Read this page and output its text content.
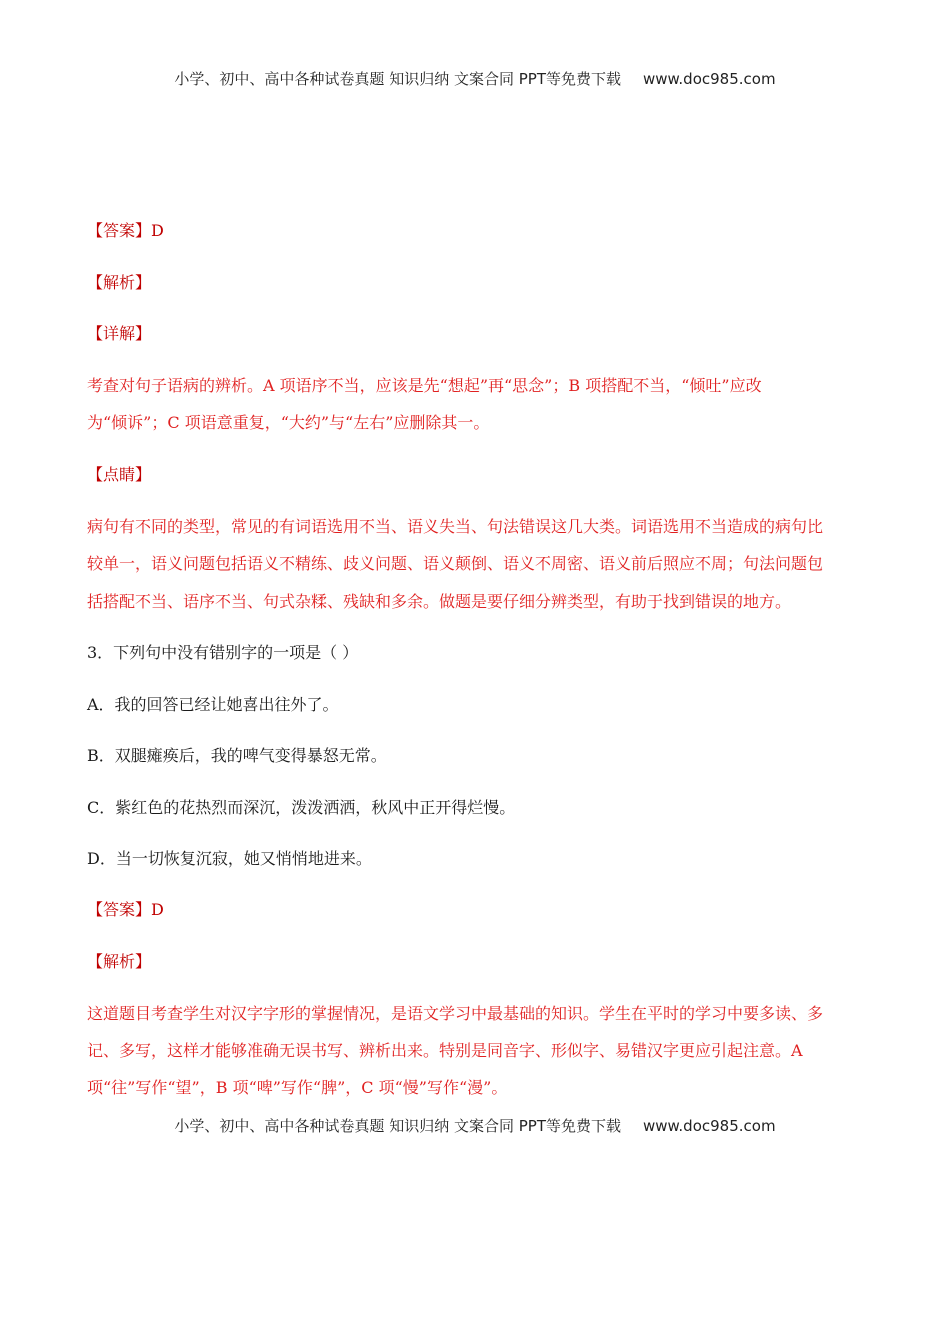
小学、初中、高中各种试卷真题 知识归纳 文案合同 PPT等免费下载 www.doc985.com
【答案】D
【解析】
【详解】
考查对句子语病的辨析。A 项语序不当，应该是先“想起”再“思念”；B 项搭配不当，“倾吐”应改
为“倾诉”；C 项语意重复，“大约”与“左右”应删除其一。
【点睛】
病句有不同的类型，常见的有词语选用不当、语义失当、句法错误这几大类。词语选用不当造成的病句比
较单一，语义问题包括语义不精练、歧义问题、语义颠倒、语义不周密、语义前后照应不周；句法问题包
括搭配不当、语序不当、句式杂糅、残缺和多余。做题是要仔细分辨类型，有助于找到错误的地方。
3．下列句中没有错别字的一项是（ ）
A．我的回答已经让她喜出往外了。
B．双腿瘫痪后，我的啤气变得暴怒无常。
C．紫红色的花热烈而深沉，泼泼洒洒，秋风中正开得烂慢。
D．当一切恢复沉寂，她又悄悄地进来。
【答案】D
【解析】
这道题目考查学生对汉字字形的掌握情况，是语文学习中最基础的知识。学生在平时的学习中要多读、多
记、多写，这样才能够准确无误书写、辨析出来。特别是同音字、形似字、易错汉字更应引起注意。A
项“往”写作“望”，B 项“啤”写作“脾”，C 项“慢”写作“漫”。
小学、初中、高中各种试卷真题 知识归纳 文案合同 PPT等免费下载 www.doc985.com
